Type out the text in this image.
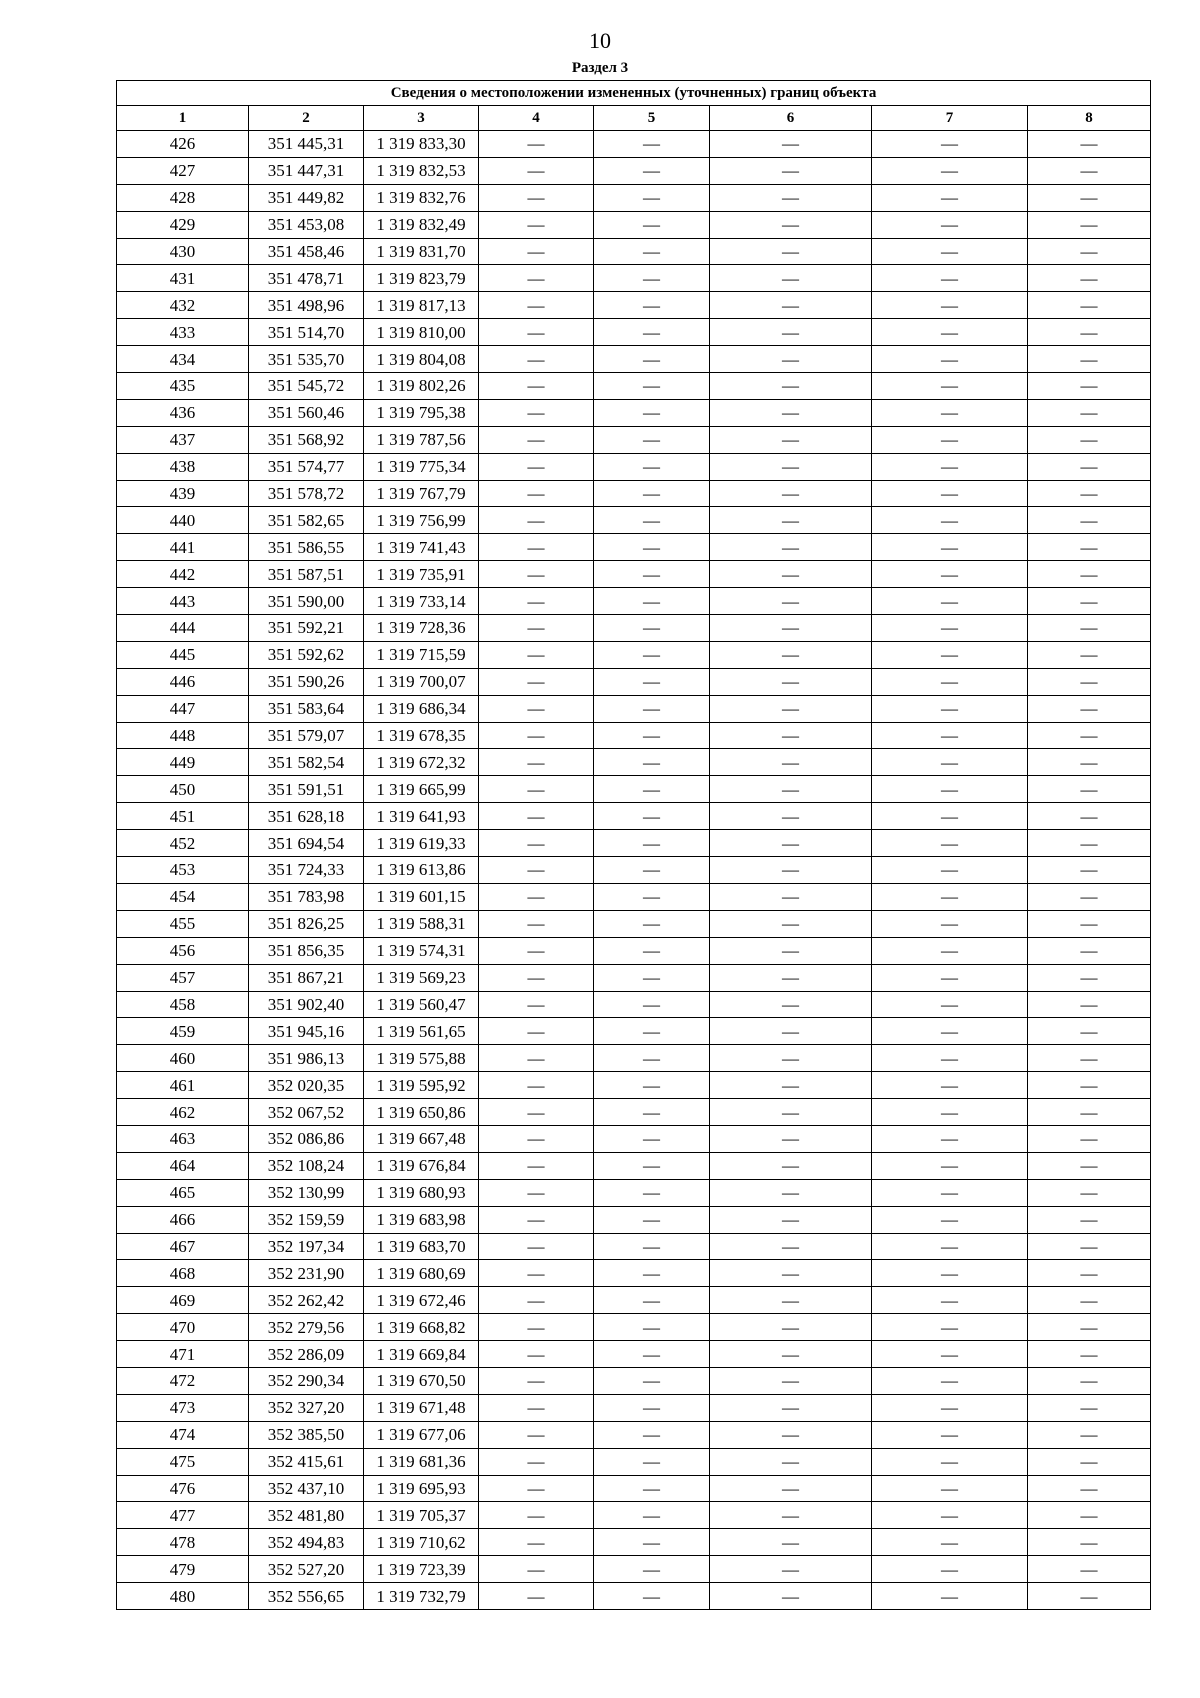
10
Раздел 3
Сведения о местоположении измененных (уточненных) границ объекта							
1	2	3	4	5	6	7	8
426	351 445,31	1 319 833,30	—	—	—	—	—
427	351 447,31	1 319 832,53	—	—	—	—	—
428	351 449,82	1 319 832,76	—	—	—	—	—
429	351 453,08	1 319 832,49	—	—	—	—	—
430	351 458,46	1 319 831,70	—	—	—	—	—
431	351 478,71	1 319 823,79	—	—	—	—	—
432	351 498,96	1 319 817,13	—	—	—	—	—
433	351 514,70	1 319 810,00	—	—	—	—	—
434	351 535,70	1 319 804,08	—	—	—	—	—
435	351 545,72	1 319 802,26	—	—	—	—	—
436	351 560,46	1 319 795,38	—	—	—	—	—
437	351 568,92	1 319 787,56	—	—	—	—	—
438	351 574,77	1 319 775,34	—	—	—	—	—
439	351 578,72	1 319 767,79	—	—	—	—	—
440	351 582,65	1 319 756,99	—	—	—	—	—
441	351 586,55	1 319 741,43	—	—	—	—	—
442	351 587,51	1 319 735,91	—	—	—	—	—
443	351 590,00	1 319 733,14	—	—	—	—	—
444	351 592,21	1 319 728,36	—	—	—	—	—
445	351 592,62	1 319 715,59	—	—	—	—	—
446	351 590,26	1 319 700,07	—	—	—	—	—
447	351 583,64	1 319 686,34	—	—	—	—	—
448	351 579,07	1 319 678,35	—	—	—	—	—
449	351 582,54	1 319 672,32	—	—	—	—	—
450	351 591,51	1 319 665,99	—	—	—	—	—
451	351 628,18	1 319 641,93	—	—	—	—	—
452	351 694,54	1 319 619,33	—	—	—	—	—
453	351 724,33	1 319 613,86	—	—	—	—	—
454	351 783,98	1 319 601,15	—	—	—	—	—
455	351 826,25	1 319 588,31	—	—	—	—	—
456	351 856,35	1 319 574,31	—	—	—	—	—
457	351 867,21	1 319 569,23	—	—	—	—	—
458	351 902,40	1 319 560,47	—	—	—	—	—
459	351 945,16	1 319 561,65	—	—	—	—	—
460	351 986,13	1 319 575,88	—	—	—	—	—
461	352 020,35	1 319 595,92	—	—	—	—	—
462	352 067,52	1 319 650,86	—	—	—	—	—
463	352 086,86	1 319 667,48	—	—	—	—	—
464	352 108,24	1 319 676,84	—	—	—	—	—
465	352 130,99	1 319 680,93	—	—	—	—	—
466	352 159,59	1 319 683,98	—	—	—	—	—
467	352 197,34	1 319 683,70	—	—	—	—	—
468	352 231,90	1 319 680,69	—	—	—	—	—
469	352 262,42	1 319 672,46	—	—	—	—	—
470	352 279,56	1 319 668,82	—	—	—	—	—
471	352 286,09	1 319 669,84	—	—	—	—	—
472	352 290,34	1 319 670,50	—	—	—	—	—
473	352 327,20	1 319 671,48	—	—	—	—	—
474	352 385,50	1 319 677,06	—	—	—	—	—
475	352 415,61	1 319 681,36	—	—	—	—	—
476	352 437,10	1 319 695,93	—	—	—	—	—
477	352 481,80	1 319 705,37	—	—	—	—	—
478	352 494,83	1 319 710,62	—	—	—	—	—
479	352 527,20	1 319 723,39	—	—	—	—	—
480	352 556,65	1 319 732,79	—	—	—	—	—
